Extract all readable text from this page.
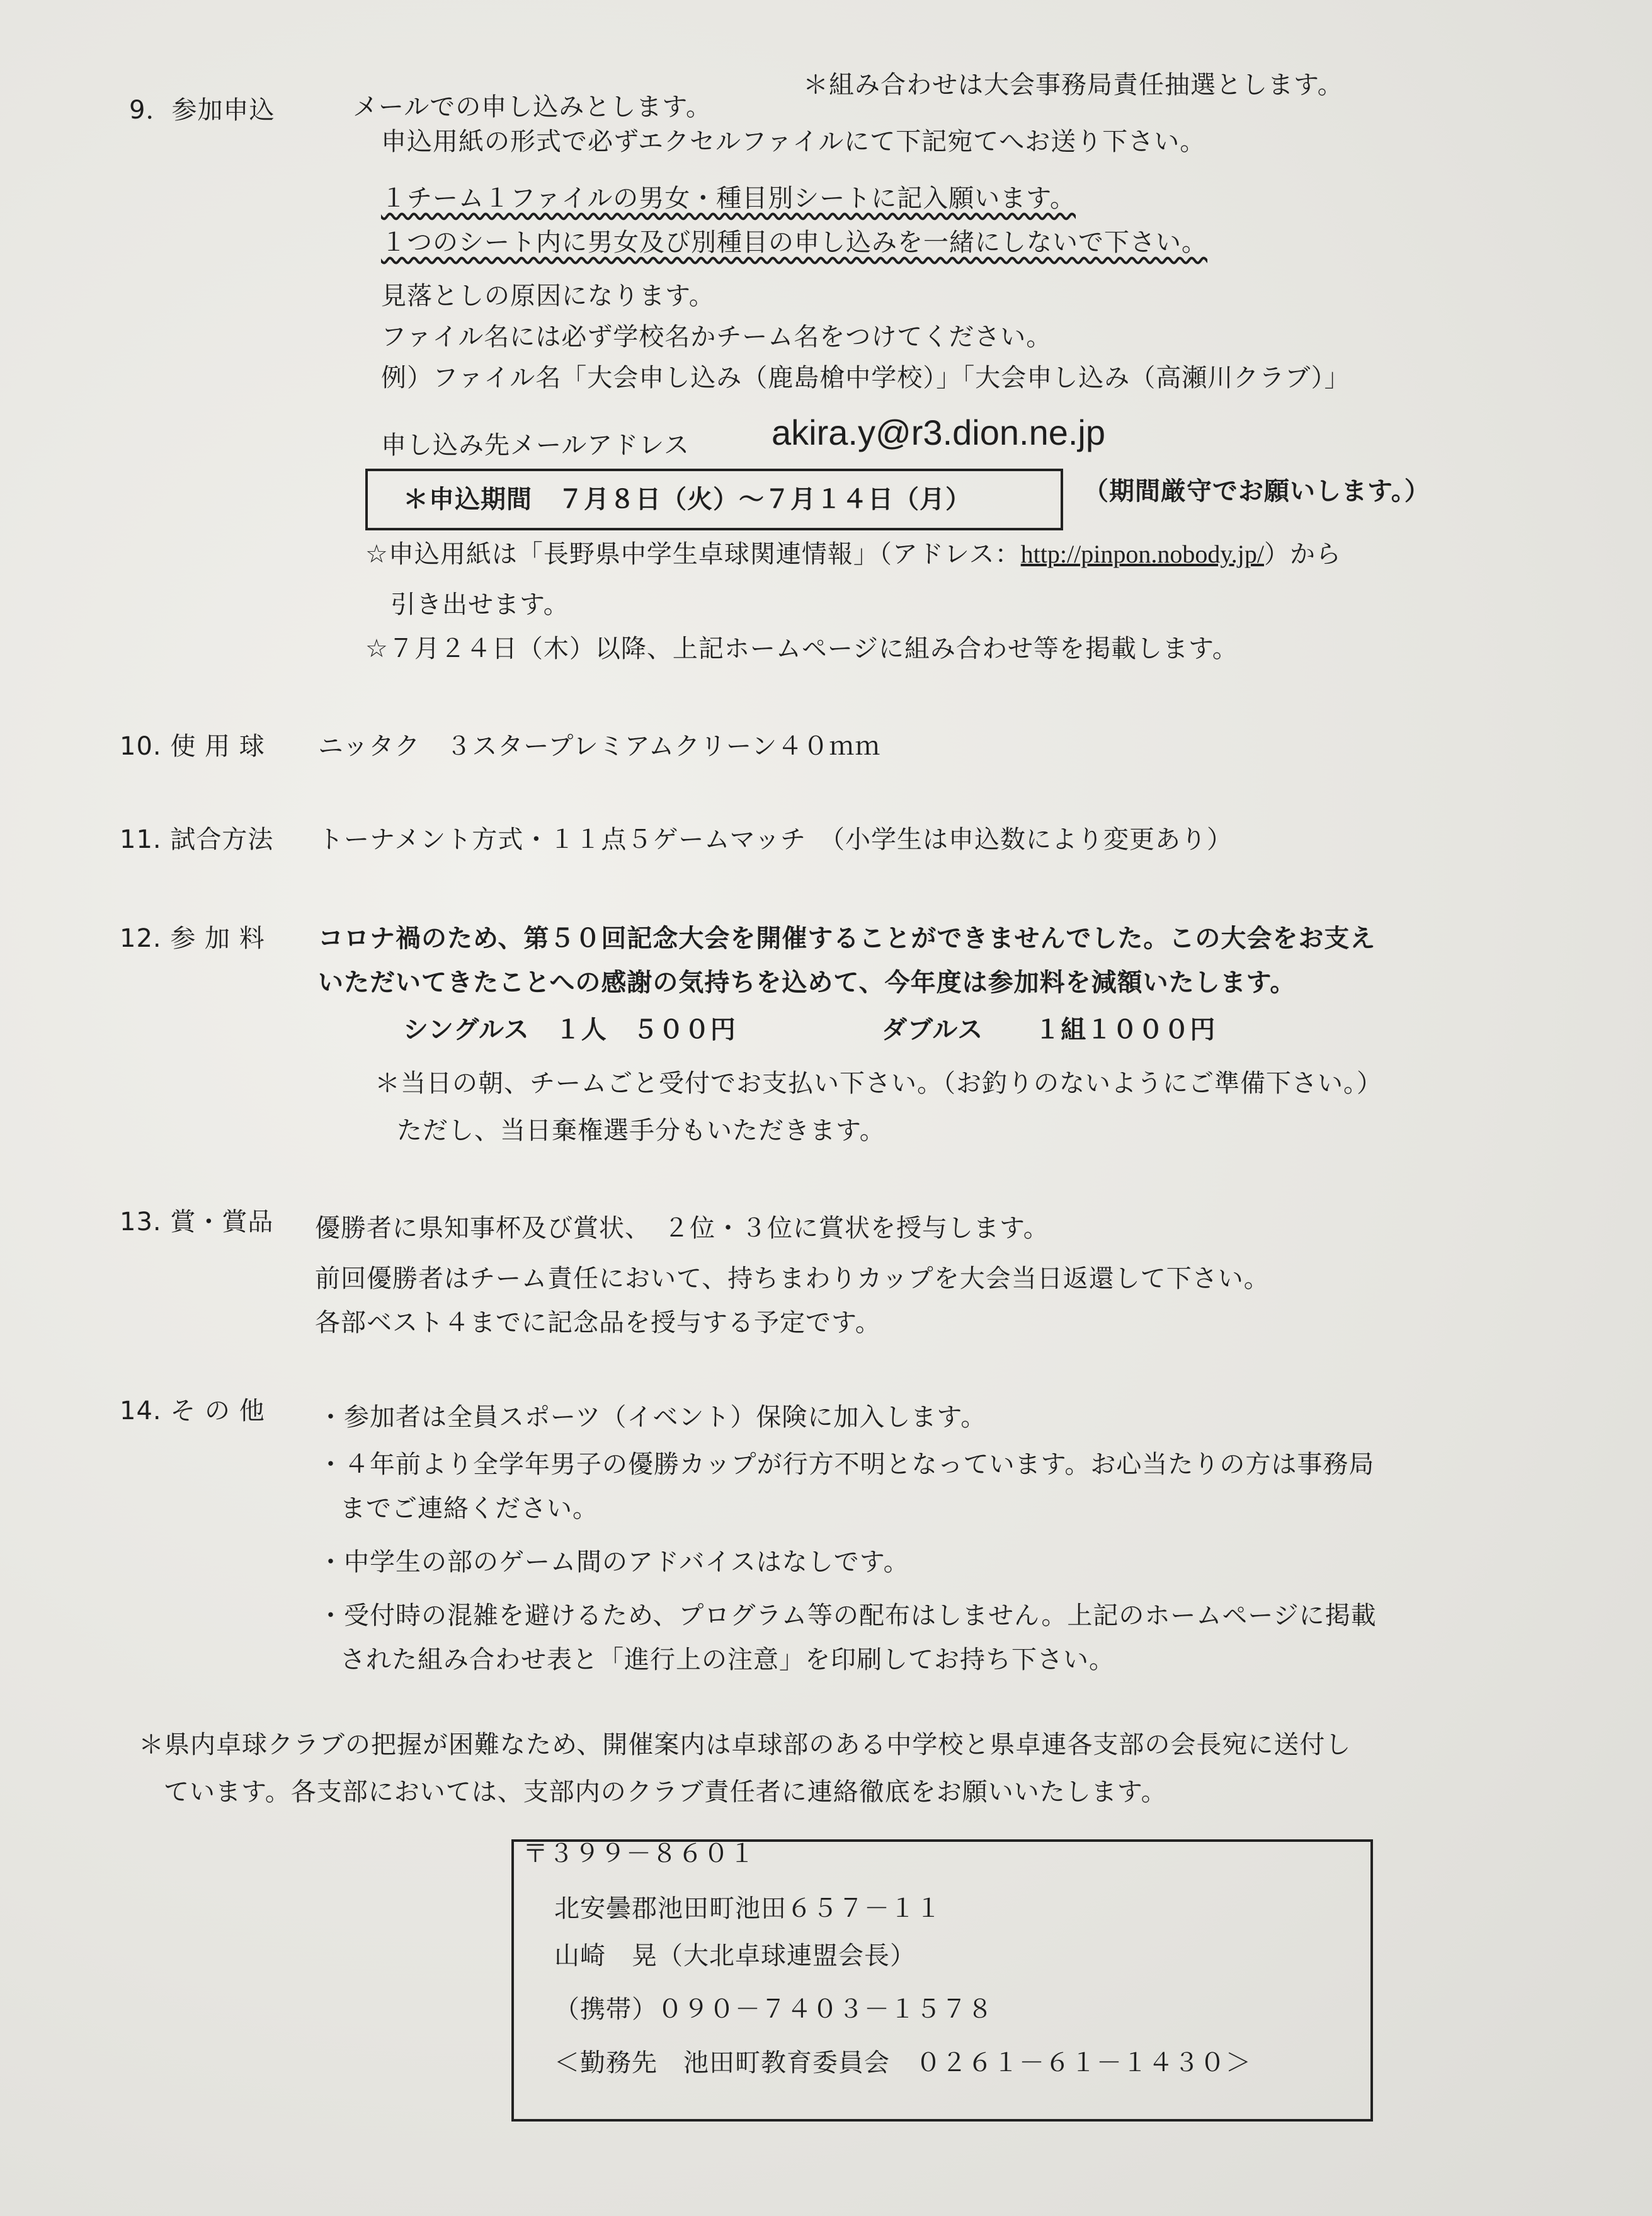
9．参加申込	メールでの申し込みとします。
＊組み合わせは大会事務局責任抽選とします。
申込用紙の形式で必ずエクセルファイルにて下記宛てへお送り下さい。
１チーム１ファイルの男女・種目別シートに記入願います。
１つのシート内に男女及び別種目の申し込みを一緒にしないで下さい。
見落としの原因になります。
ファイル名には必ず学校名かチーム名をつけてください。
例）ファイル名「大会申し込み（鹿島槍中学校）」「大会申し込み（高瀬川クラブ）」
申し込み先メールアドレス akira.y@r3.dion.ne.jp
＊申込期間　７月８日（火）〜７月１４日（月）	（期間厳守でお願いします。）
☆申込用紙は「長野県中学生卓球関連情報」（アドレス：http://pinpon.nobody.jp/）から
引き出せます。
☆７月２４日（木）以降、上記ホームページに組み合わせ等を掲載します。
10. 使 用 球 ニッタク　３スタープレミアムクリーン４０ｍｍ
11. 試合方法 トーナメント方式・１１点５ゲームマッチ　（小学生は申込数により変更あり）
12. 参 加 料 コロナ禍のため、第５０回記念大会を開催することができませんでした。この大会をお支え
いただいてきたことへの感謝の気持ちを込めて、今年度は参加料を減額いたします。
シングルス　１人　５００円	ダブルス　　１組１０００円
＊当日の朝、チームごと受付でお支払い下さい。（お釣りのないようにご準備下さい。）
ただし、当日棄権選手分もいただきます。
13. 賞・賞品 優勝者に県知事杯及び賞状、　２位・３位に賞状を授与します。
前回優勝者はチーム責任において、持ちまわりカップを大会当日返還して下さい。
各部ベスト４までに記念品を授与する予定です。
14. そ の 他 ・参加者は全員スポーツ（イベント）保険に加入します。
・４年前より全学年男子の優勝カップが行方不明となっています。お心当たりの方は事務局
までご連絡ください。
・中学生の部のゲーム間のアドバイスはなしです。
・受付時の混雑を避けるため、プログラム等の配布はしません。上記のホームページに掲載
された組み合わせ表と「進行上の注意」を印刷してお持ち下さい。
＊県内卓球クラブの把握が困難なため、開催案内は卓球部のある中学校と県卓連各支部の会長宛に送付し
ています。各支部においては、支部内のクラブ責任者に連絡徹底をお願いいたします。
〒３９９－８６０１
北安曇郡池田町池田６５７－１１
山崎　晃（大北卓球連盟会長）
（携帯）０９０－７４０３－１５７８
＜勤務先　池田町教育委員会　０２６１－６１－１４３０＞
